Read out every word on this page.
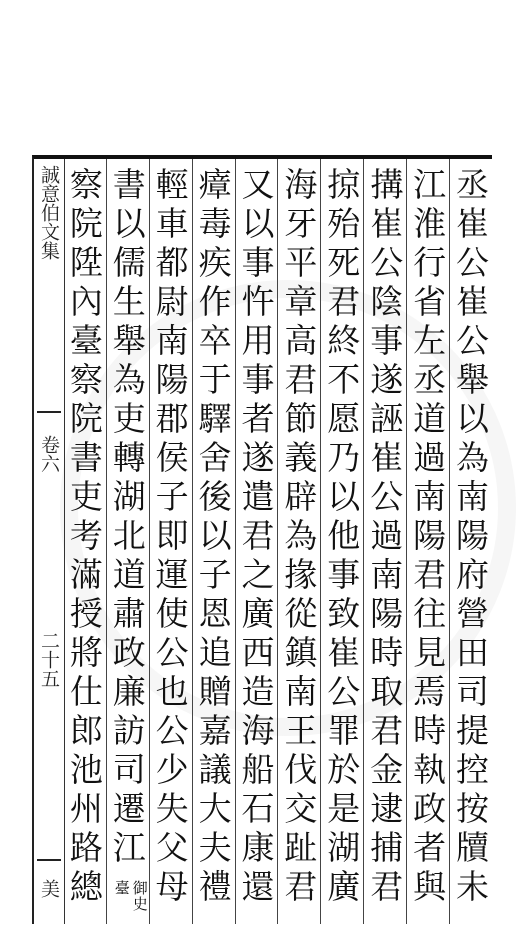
誠意伯文集
卷六
二十五
美
丞崔公崔公舉以為南陽府營田司提控按牘未
江淮行省左丞道過南陽君往見焉時執政者與
搆崔公陰事遂誣崔公過南陽時取君金逮捕君
掠殆死君終不愿乃以他事致崔公罪於是湖廣
海牙平章高君節義辟為掾從鎮南王伐交趾君
又以事忤用事者遂遣君之廣西造海船石康還
瘴毒疾作卒于驛舍後以子恩追贈嘉議大夫禮
輕車都尉南陽郡侯子即運使公也公少失父母
書以儒生舉為吏轉湖北道肅政廉訪司遷江
御史臺
察院陞內臺察院書吏考滿授將仕郎池州路總
